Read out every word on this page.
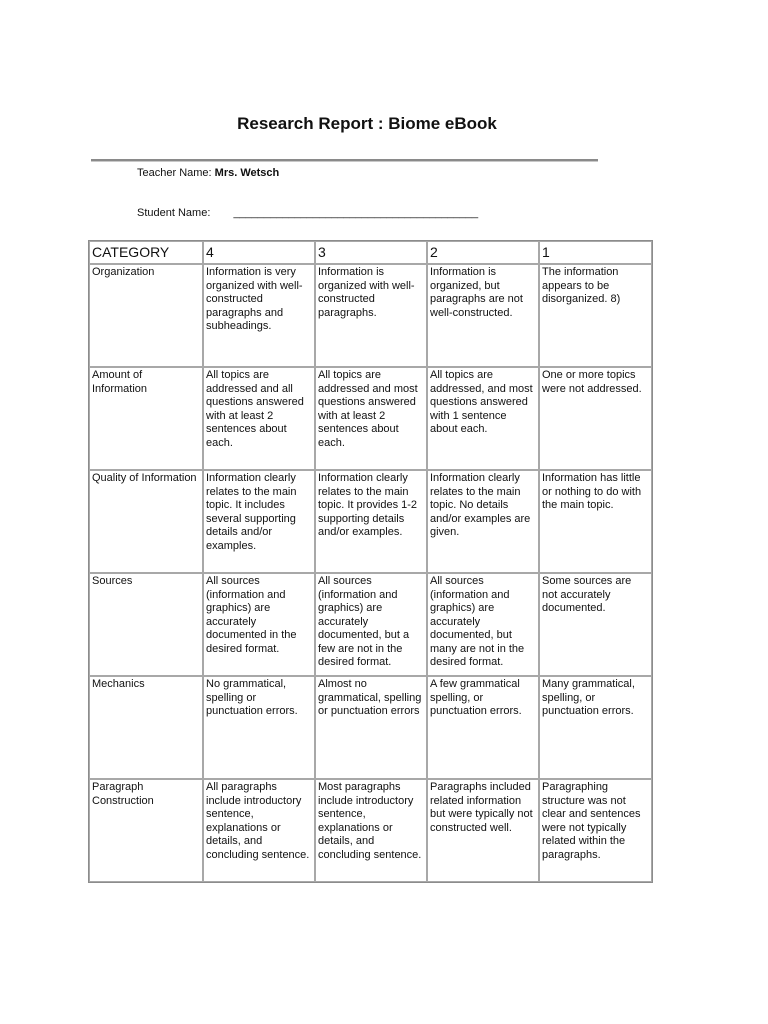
Research Report : Biome eBook
Teacher Name: Mrs. Wetsch
Student Name: ________________________________________
CATEGORY	4	3	2	1
Organization	Information is very organized with well-constructed paragraphs and subheadings.	Information is organized with well-constructed paragraphs.	Information is organized, but paragraphs are not well-constructed.	The information appears to be disorganized. 8)
Amount of Information	All topics are addressed and all questions answered with at least 2 sentences about each.	All topics are addressed and most questions answered with at least 2 sentences about each.	All topics are addressed, and most questions answered with 1 sentence about each.	One or more topics were not addressed.
Quality of Information	Information clearly relates to the main topic. It includes several supporting details and/or examples.	Information clearly relates to the main topic. It provides 1-2 supporting details and/or examples.	Information clearly relates to the main topic. No details and/or examples are given.	Information has little or nothing to do with the main topic.
Sources	All sources (information and graphics) are accurately documented in the desired format.	All sources (information and graphics) are accurately documented, but a few are not in the desired format.	All sources (information and graphics) are accurately documented, but many are not in the desired format.	Some sources are not accurately documented.
Mechanics	No grammatical, spelling or punctuation errors.	Almost no grammatical, spelling or punctuation errors	A few grammatical spelling, or punctuation errors.	Many grammatical, spelling, or punctuation errors.
Paragraph Construction	All paragraphs include introductory sentence, explanations or details, and concluding sentence.	Most paragraphs include introductory sentence, explanations or details, and concluding sentence.	Paragraphs included related information but were typically not constructed well.	Paragraphing structure was not clear and sentences were not typically related within the paragraphs.
